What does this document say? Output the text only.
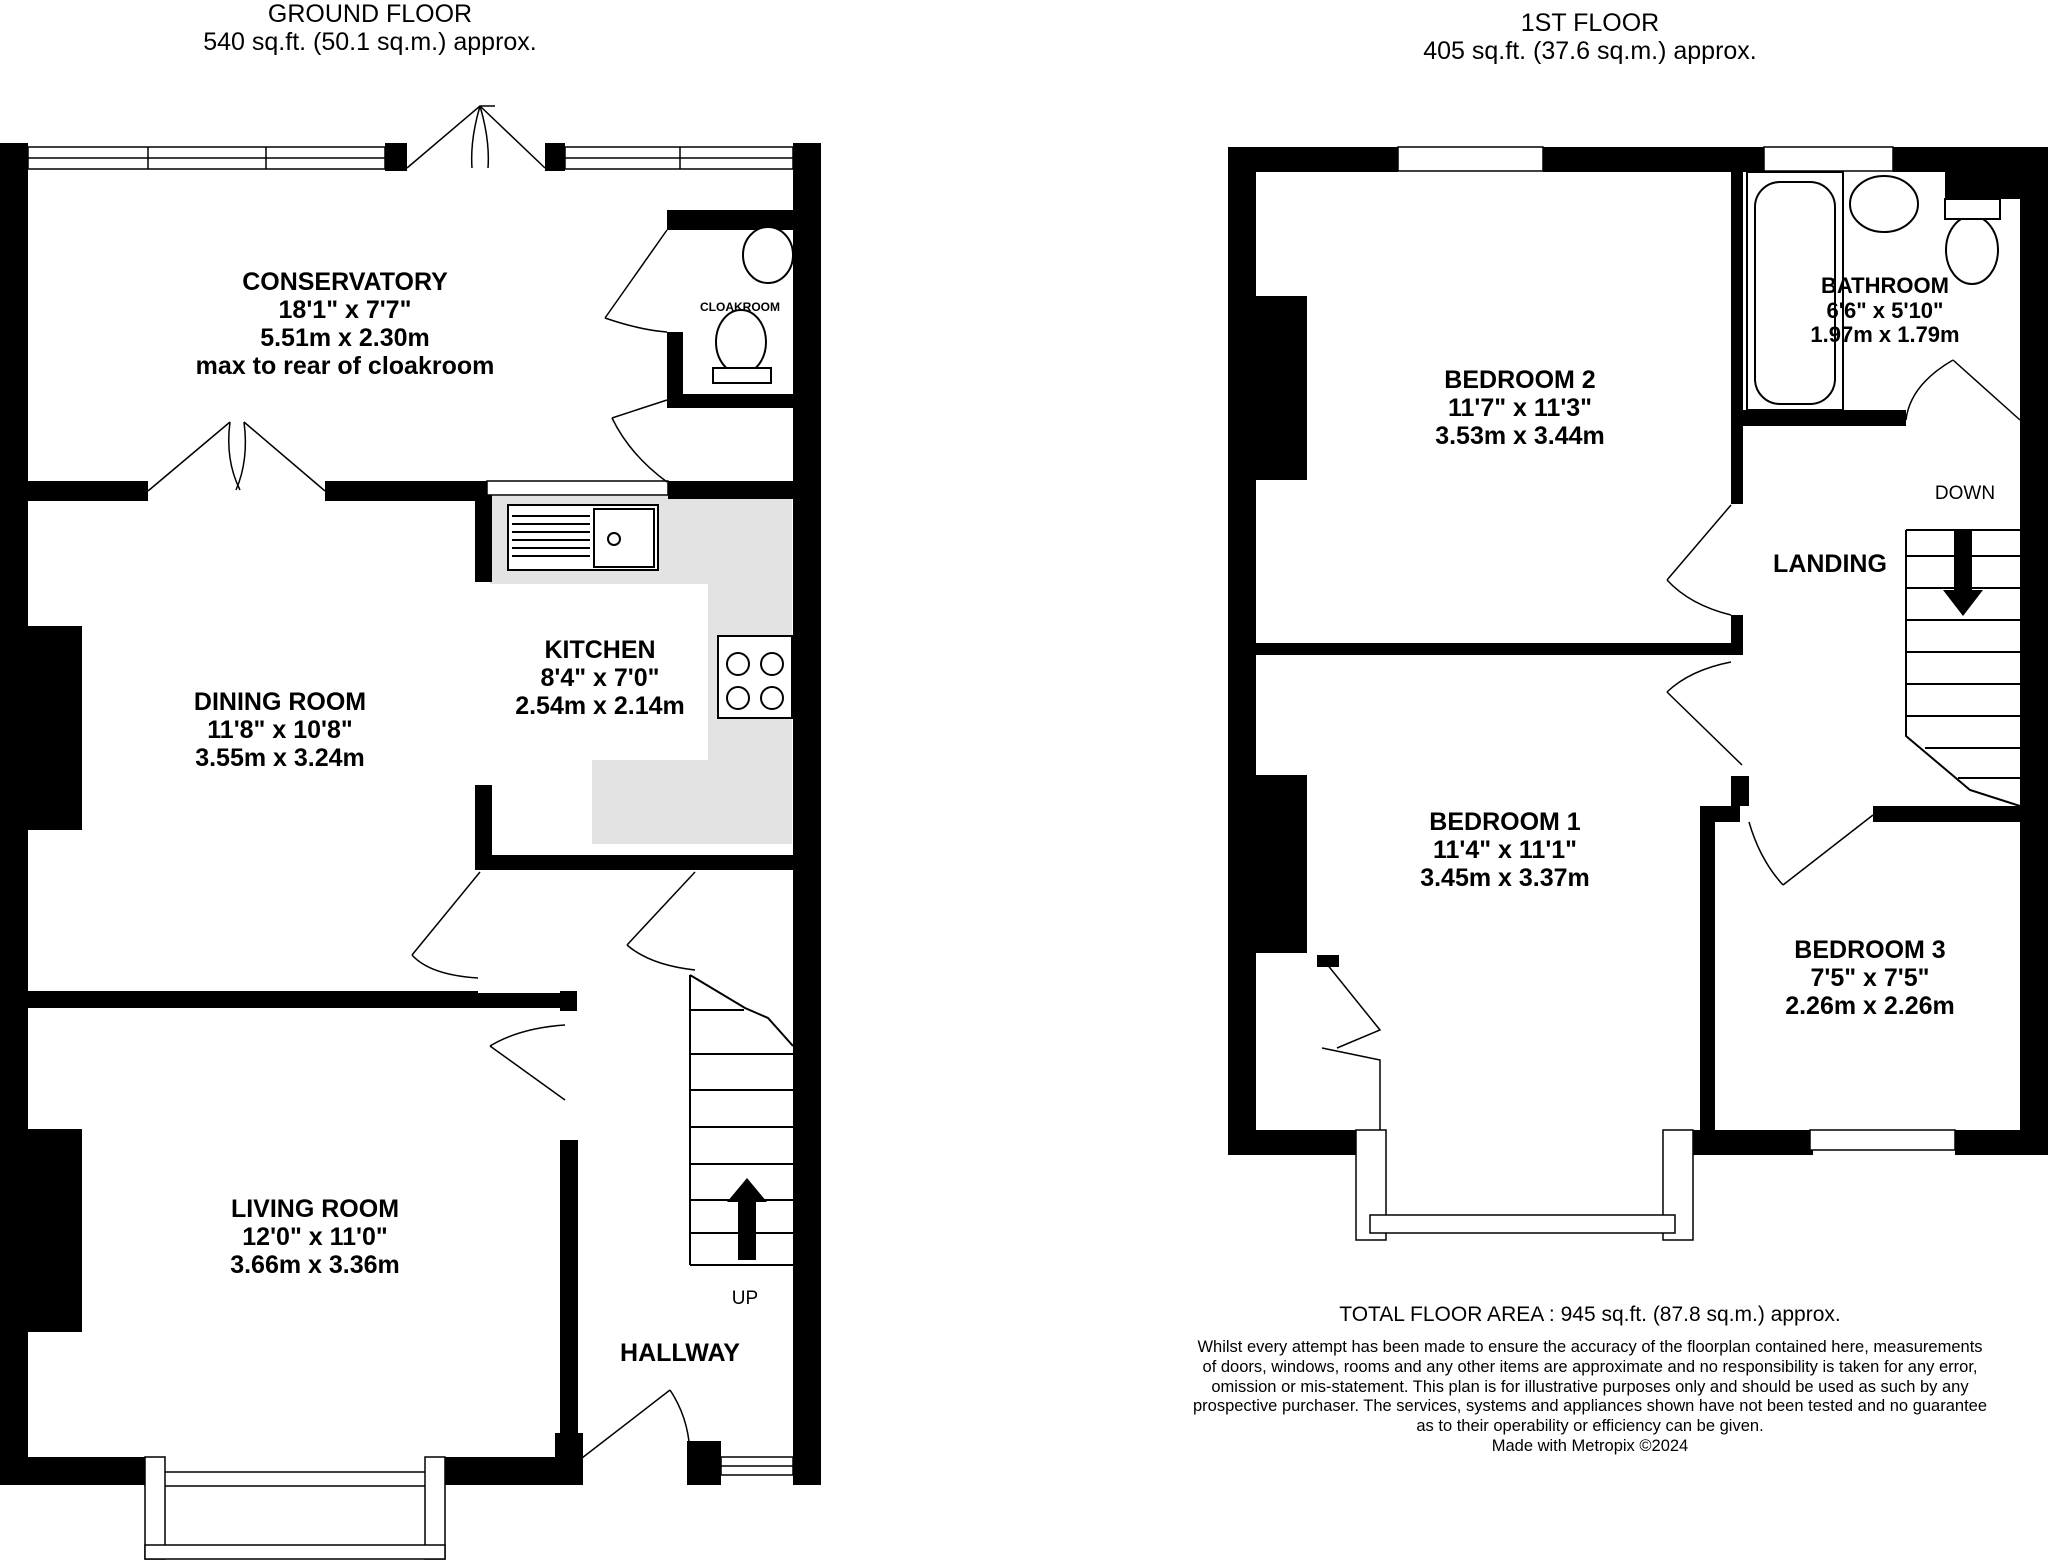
GROUND FLOOR
540 sq.ft. (50.1 sq.m.) approx.
1ST FLOOR
405 sq.ft. (37.6 sq.m.) approx.
CONSERVATORY
18'1" x 7'7"
5.51m x 2.30m
max to rear of cloakroom
CLOAKROOM
KITCHEN
8'4" x 7'0"
2.54m x 2.14m
DINING ROOM
11'8" x 10'8"
3.55m x 3.24m
LIVING ROOM
12'0" x 11'0"
3.66m x 3.36m
HALLWAY
UP
BEDROOM 2
11'7" x 11'3"
3.53m x 3.44m
BATHROOM
6'6" x 5'10"
1.97m x 1.79m
LANDING
DOWN
BEDROOM 1
11'4" x 11'1"
3.45m x 3.37m
BEDROOM 3
7'5" x 7'5"
2.26m x 2.26m
TOTAL FLOOR AREA : 945 sq.ft. (87.8 sq.m.) approx.
Whilst every attempt has been made to ensure the accuracy of the floorplan contained here, measurements
of doors, windows, rooms and any other items are approximate and no responsibility is taken for any error,
omission or mis-statement. This plan is for illustrative purposes only and should be used as such by any
prospective purchaser. The services, systems and appliances shown have not been tested and no guarantee
as to their operability or efficiency can be given.
Made with Metropix ©2024
